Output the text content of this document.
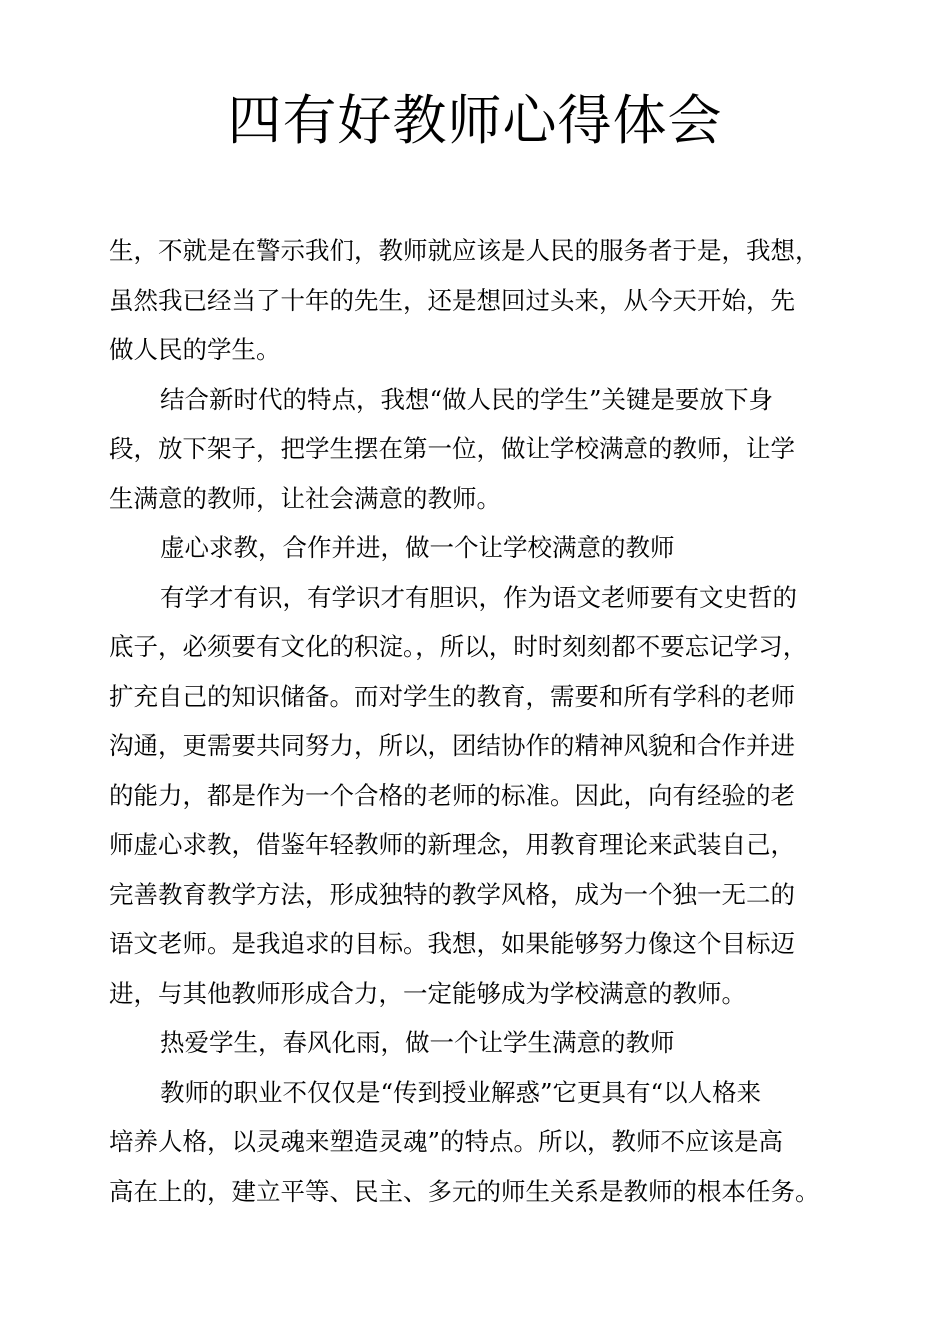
四有好教师心得体会
生，不就是在警示我们，教师就应该是人民的服务者于是，我想，
虽然我已经当了十年的先生，还是想回过头来，从今天开始，先
做人民的学生。
结合新时代的特点，我想“做人民的学生”关键是要放下身
段，放下架子，把学生摆在第一位，做让学校满意的教师，让学
生满意的教师，让社会满意的教师。
虚心求教，合作并进，做一个让学校满意的教师
有学才有识，有学识才有胆识，作为语文老师要有文史哲的
底子，必须要有文化的积淀。，所以，时时刻刻都不要忘记学习，
扩充自己的知识储备。而对学生的教育，需要和所有学科的老师
沟通，更需要共同努力，所以，团结协作的精神风貌和合作并进
的能力，都是作为一个合格的老师的标准。因此，向有经验的老
师虚心求教，借鉴年轻教师的新理念，用教育理论来武装自己，
完善教育教学方法，形成独特的教学风格，成为一个独一无二的
语文老师。是我追求的目标。我想，如果能够努力像这个目标迈
进，与其他教师形成合力，一定能够成为学校满意的教师。
热爱学生，春风化雨，做一个让学生满意的教师
教师的职业不仅仅是“传到授业解惑”它更具有“以人格来
培养人格，以灵魂来塑造灵魂”的特点。所以，教师不应该是高
高在上的，建立平等、民主、多元的师生关系是教师的根本任务。
